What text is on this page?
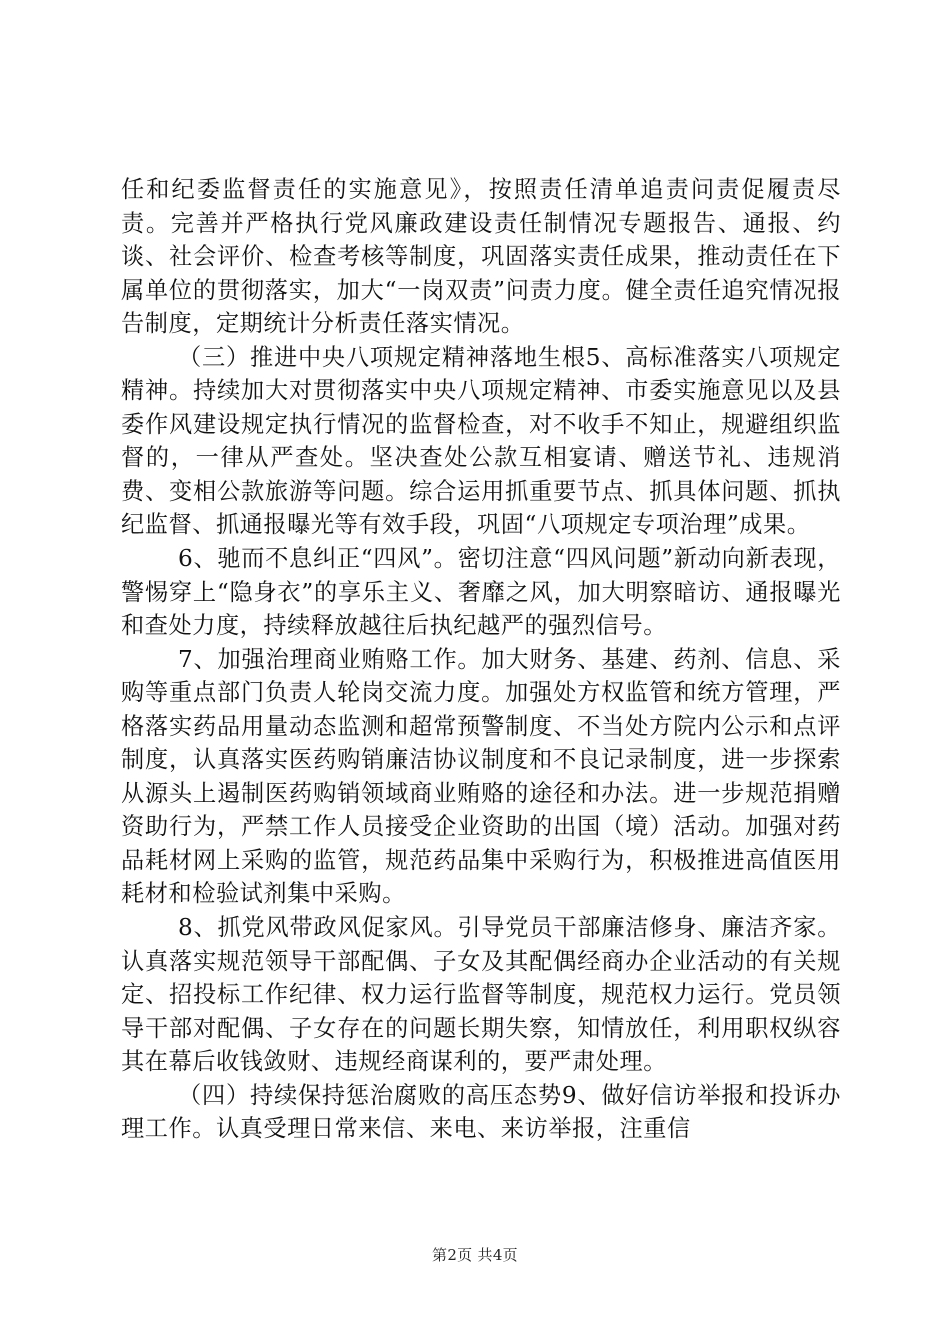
任和纪委监督责任的实施意见》，按照责任清单追责问责促履责尽责。完善并严格执行党风廉政建设责任制情况专题报告、通报、约谈、社会评价、检查考核等制度，巩固落实责任成果，推动责任在下属单位的贯彻落实，加大“一岗双责”问责力度。健全责任追究情况报告制度，定期统计分析责任落实情况。

（三）推进中央八项规定精神落地生根5、高标准落实八项规定精神。持续加大对贯彻落实中央八项规定精神、市委实施意见以及县委作风建设规定执行情况的监督检查，对不收手不知止，规避组织监督的，一律从严查处。坚决查处公款互相宴请、赠送节礼、违规消费、变相公款旅游等问题。综合运用抓重要节点、抓具体问题、抓执纪监督、抓通报曝光等有效手段，巩固“八项规定专项治理”成果。

6、驰而不息纠正“四风”。密切注意“四风问题”新动向新表现，警惕穿上“隐身衣”的享乐主义、奢靡之风，加大明察暗访、通报曝光和查处力度，持续释放越往后执纪越严的强烈信号。

7、加强治理商业贿赂工作。加大财务、基建、药剂、信息、采购等重点部门负责人轮岗交流力度。加强处方权监管和统方管理，严格落实药品用量动态监测和超常预警制度、不当处方院内公示和点评制度，认真落实医药购销廉洁协议制度和不良记录制度，进一步探索从源头上遏制医药购销领域商业贿赂的途径和办法。进一步规范捐赠资助行为，严禁工作人员接受企业资助的出国（境）活动。加强对药品耗材网上采购的监管，规范药品集中采购行为，积极推进高值医用耗材和检验试剂集中采购。

8、抓党风带政风促家风。引导党员干部廉洁修身、廉洁齐家。认真落实规范领导干部配偶、子女及其配偶经商办企业活动的有关规定、招投标工作纪律、权力运行监督等制度，规范权力运行。党员领导干部对配偶、子女存在的问题长期失察，知情放任，利用职权纵容其在幕后收钱敛财、违规经商谋利的，要严肃处理。

（四）持续保持惩治腐败的高压态势9、做好信访举报和投诉办理工作。认真受理日常来信、来电、来访举报，注重信

第2页 共4页
